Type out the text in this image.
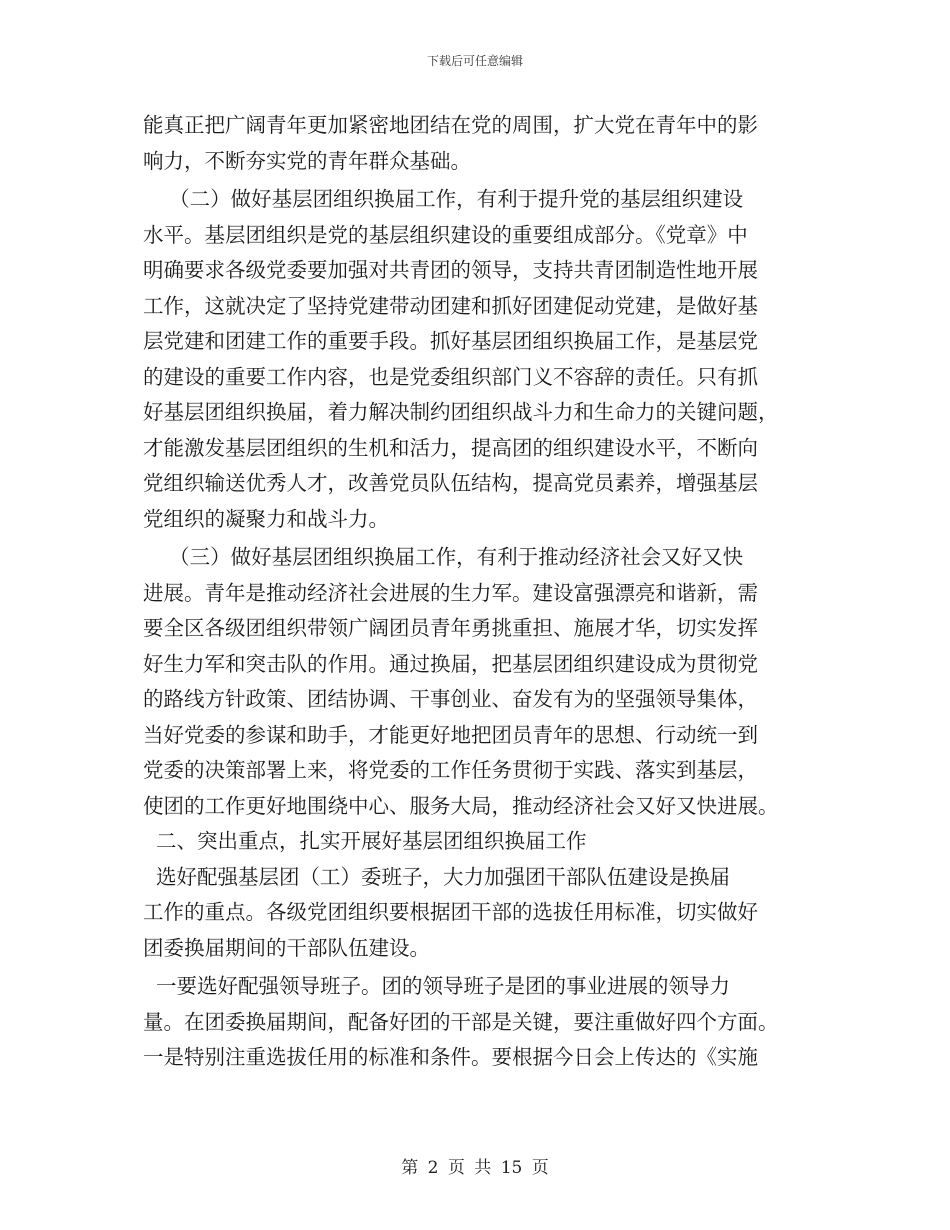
下载后可任意编辑
能真正把广阔青年更加紧密地团结在党的周围，扩大党在青年中的影
响力，不断夯实党的青年群众基础。
（二）做好基层团组织换届工作，有利于提升党的基层组织建设
水平。基层团组织是党的基层组织建设的重要组成部分。《党章》中
明确要求各级党委要加强对共青团的领导，支持共青团制造性地开展
工作，这就决定了坚持党建带动团建和抓好团建促动党建，是做好基
层党建和团建工作的重要手段。抓好基层团组织换届工作，是基层党
的建设的重要工作内容，也是党委组织部门义不容辞的责任。只有抓
好基层团组织换届，着力解决制约团组织战斗力和生命力的关键问题，
才能激发基层团组织的生机和活力，提高团的组织建设水平，不断向
党组织输送优秀人才，改善党员队伍结构，提高党员素养，增强基层
党组织的凝聚力和战斗力。
（三）做好基层团组织换届工作，有利于推动经济社会又好又快
进展。青年是推动经济社会进展的生力军。建设富强漂亮和谐新，需
要全区各级团组织带领广阔团员青年勇挑重担、施展才华，切实发挥
好生力军和突击队的作用。通过换届，把基层团组织建设成为贯彻党
的路线方针政策、团结协调、干事创业、奋发有为的坚强领导集体，
当好党委的参谋和助手，才能更好地把团员青年的思想、行动统一到
党委的决策部署上来，将党委的工作任务贯彻于实践、落实到基层，
使团的工作更好地围绕中心、服务大局，推动经济社会又好又快进展。
二、突出重点，扎实开展好基层团组织换届工作
选好配强基层团（工）委班子，大力加强团干部队伍建设是换届
工作的重点。各级党团组织要根据团干部的选拔任用标准，切实做好
团委换届期间的干部队伍建设。
一要选好配强领导班子。团的领导班子是团的事业进展的领导力
量。在团委换届期间，配备好团的干部是关键，要注重做好四个方面。
一是特别注重选拔任用的标准和条件。要根据今日会上传达的《实施
第 2 页 共 15 页
